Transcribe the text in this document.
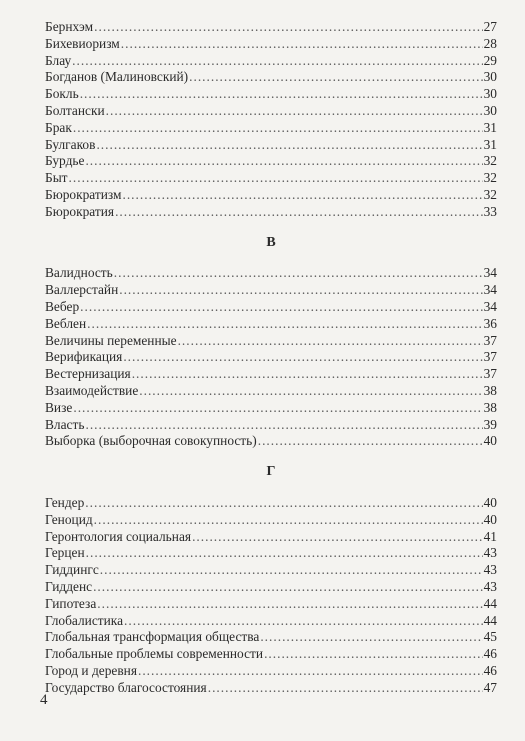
Бернхэм .....	27
Бихевиоризм .....	28
Блау .....	29
Богданов (Малиновский) .....	30
Бокль .....	30
Болтански .....	30
Брак .....	31
Булгаков .....	31
Бурдье .....	32
Быт .....	32
Бюрократизм .....	32
Бюрократия .....	33
В
Валидность .....	34
Валлерстайн .....	34
Вебер .....	34
Веблен .....	36
Величины переменные .....	37
Верификация .....	37
Вестернизация .....	37
Взаимодействие .....	38
Визе .....	38
Власть .....	39
Выборка (выборочная совокупность) .....	40
Г
Гендер .....	40
Геноцид .....	40
Геронтология социальная .....	41
Герцен .....	43
Гиддингс .....	43
Гидденс .....	43
Гипотеза .....	44
Глобалистика .....	44
Глобальная трансформация общества .....	45
Глобальные проблемы современности .....	46
Город и деревня .....	46
Государство благосостояния .....	47
4
